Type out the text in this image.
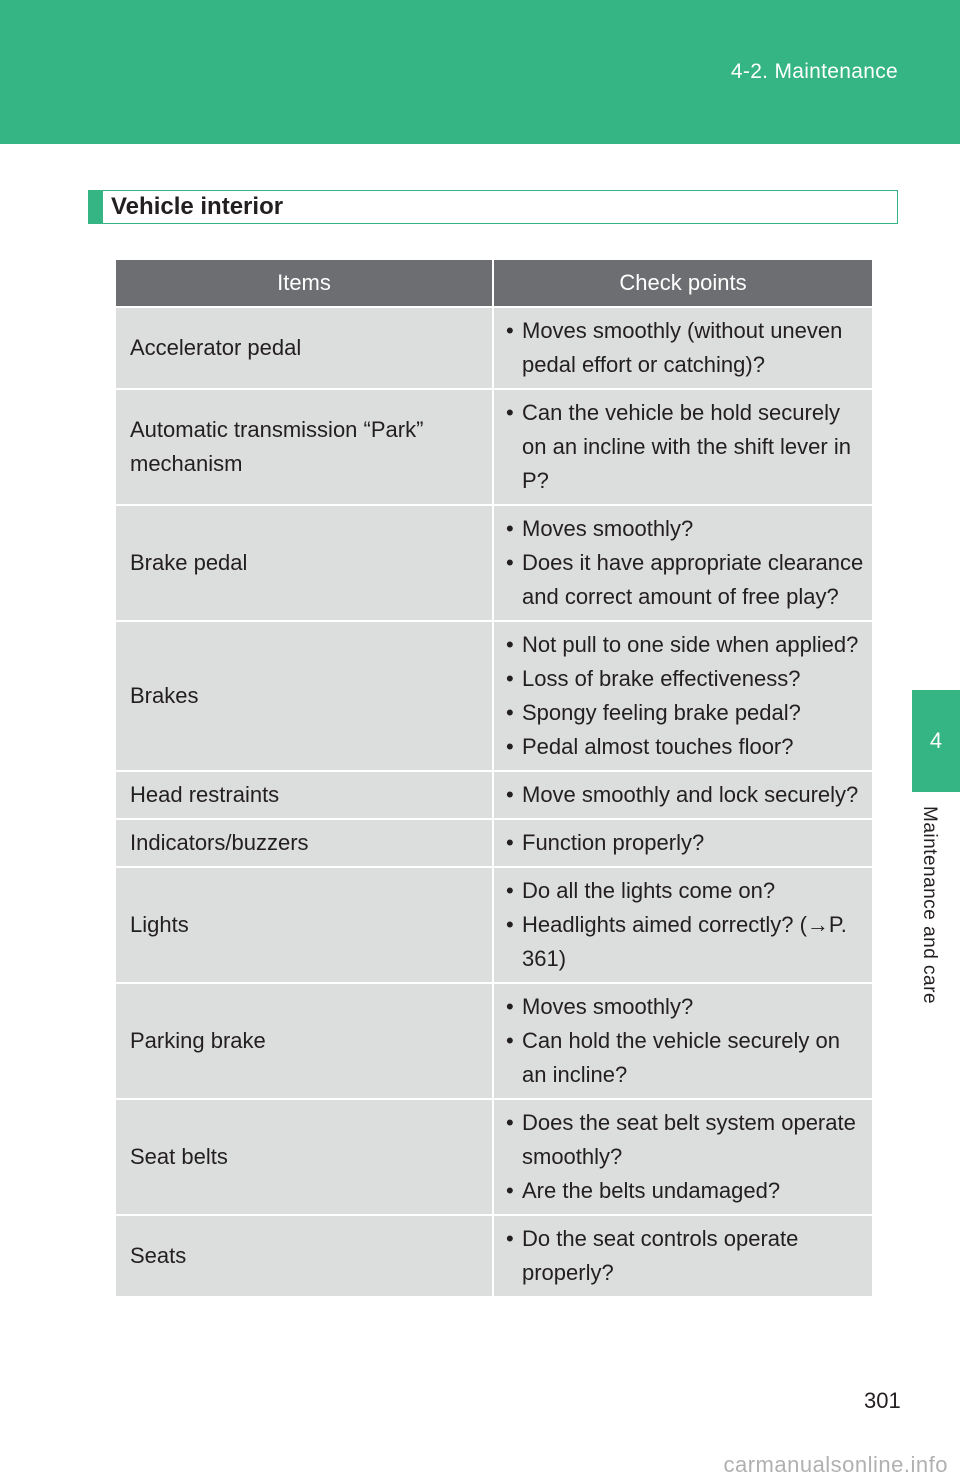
4-2. Maintenance
4
Maintenance and care
Vehicle interior
Items	Check points
Accelerator pedal	• Moves smoothly (without uneven pedal effort or catching)?

Automatic transmission “Park” mechanism	• Can the vehicle be hold securely on an incline with the shift lever in P?

Brake pedal	• Moves smoothly?
• Does it have appropriate clearance and correct amount of free play?

Brakes	• Not pull to one side when applied?
• Loss of brake effectiveness?
• Spongy feeling brake pedal?
• Pedal almost touches floor?

Head restraints	• Move smoothly and lock securely?

Indicators/buzzers	• Function properly?

Lights	• Do all the lights come on?
• Headlights aimed correctly? (→P. 361)

Parking brake	• Moves smoothly?
• Can hold the vehicle securely on an incline?

Seat belts	• Does the seat belt system operate smoothly?
• Are the belts undamaged?

Seats	• Do the seat controls operate properly?
301
carmanualsonline.info
